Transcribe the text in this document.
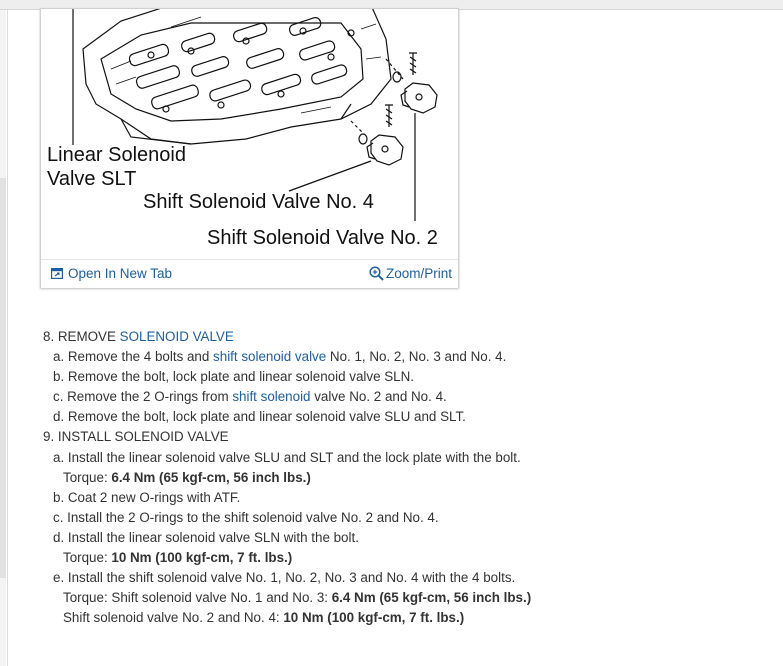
Linear Solenoid
Valve SLT
Shift Solenoid Valve No. 4
Shift Solenoid Valve No. 2
Open In New Tab	Zoom/Print

8. REMOVE SOLENOID VALVE

a. Remove the 4 bolts and shift solenoid valve No. 1, No. 2, No. 3 and No. 4.

b. Remove the bolt, lock plate and linear solenoid valve SLN.

c. Remove the 2 O-rings from shift solenoid valve No. 2 and No. 4.

d. Remove the bolt, lock plate and linear solenoid valve SLU and SLT.

9. INSTALL SOLENOID VALVE

a. Install the linear solenoid valve SLU and SLT and the lock plate with the bolt.

Torque: 6.4 Nm (65 kgf-cm, 56 inch lbs.)

b. Coat 2 new O-rings with ATF.

c. Install the 2 O-rings to the shift solenoid valve No. 2 and No. 4.

d. Install the linear solenoid valve SLN with the bolt.

Torque: 10 Nm (100 kgf-cm, 7 ft. lbs.)

e. Install the shift solenoid valve No. 1, No. 2, No. 3 and No. 4 with the 4 bolts.

Torque: Shift solenoid valve No. 1 and No. 3: 6.4 Nm (65 kgf-cm, 56 inch lbs.)

Shift solenoid valve No. 2 and No. 4: 10 Nm (100 kgf-cm, 7 ft. lbs.)
